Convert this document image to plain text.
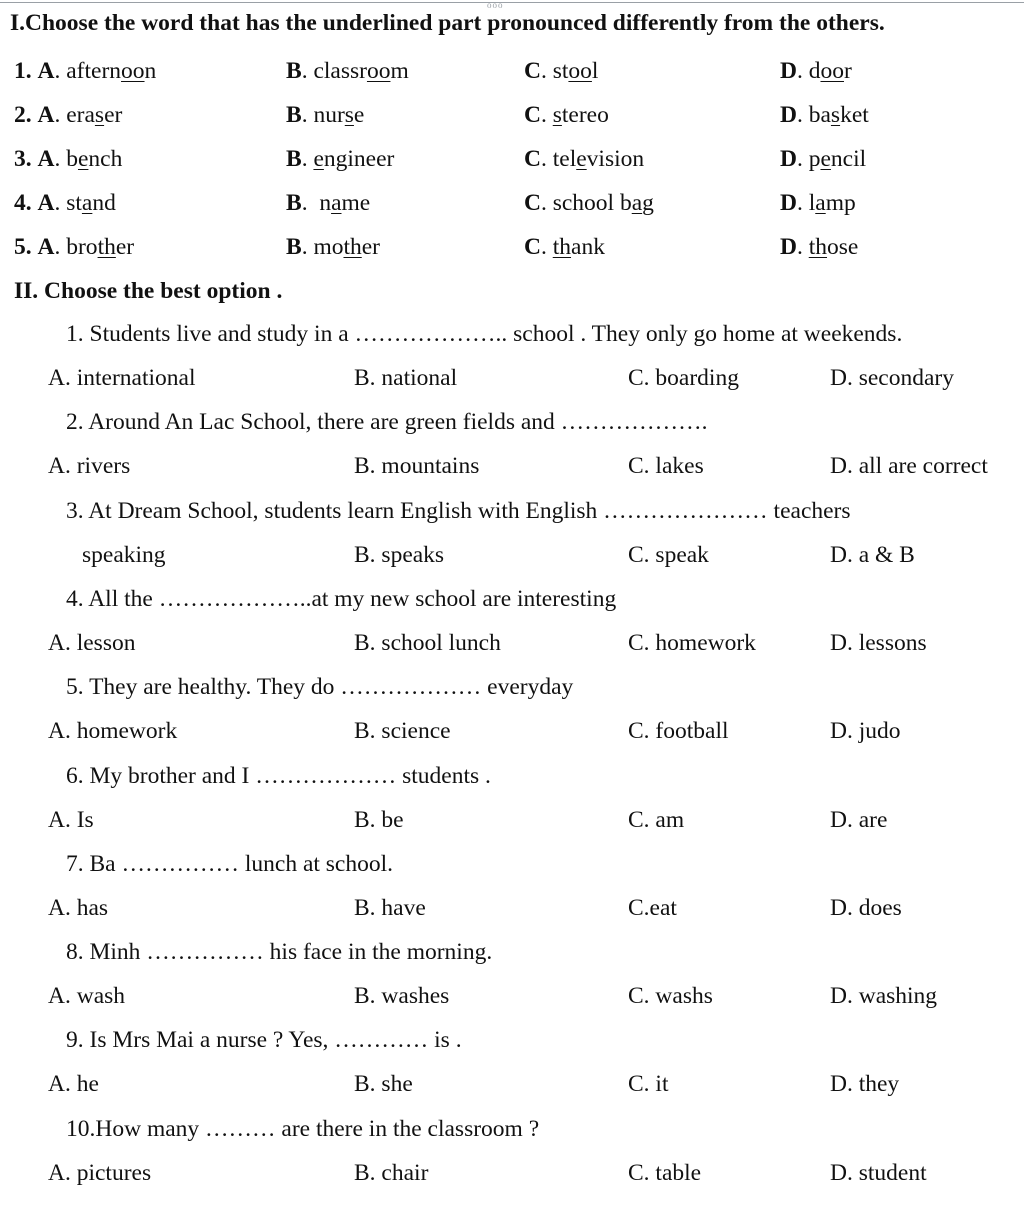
ooo
I.Choose the word that has the underlined part pronounced differently from the others.
1. A. afternoon	B. classroom	C. stool	D. door
2. A. eraser	B. nurse	C. stereo	D. basket
3. A. bench	B. engineer	C. television	D. pencil
4. A. stand	B.  name	C. school bag	D. lamp
5. A. brother	B. mother	C. thank	D. those
II. Choose the best option .
1. Students live and study in a ……………….. school . They only go home at weekends.
A. international	B. national	C. boarding	D. secondary
2. Around An Lac School, there are green fields and ……………….
A. rivers	B. mountains	C. lakes	D. all are correct
3. At Dream School, students learn English with English ………………… teachers
speaking	B. speaks	C. speak	D. a & B
4. All the ………………..at my new school are interesting
A. lesson	B. school lunch	C. homework	D. lessons
5. They are healthy. They do ……………… everyday
A. homework	B. science	C. football	D. judo
6. My brother and I ……………… students .
A. Is	B. be	C. am	D. are
7. Ba …………… lunch at school.
A. has	B. have	C.eat	D. does
8. Minh …………… his face in the morning.
A. wash	B. washes	C. washs	D. washing
9. Is Mrs Mai a nurse ? Yes, ………… is .
A. he	B. she	C. it	D. they
10.How many ……… are there in the classroom ?
A. pictures	B. chair	C. table	D. student
